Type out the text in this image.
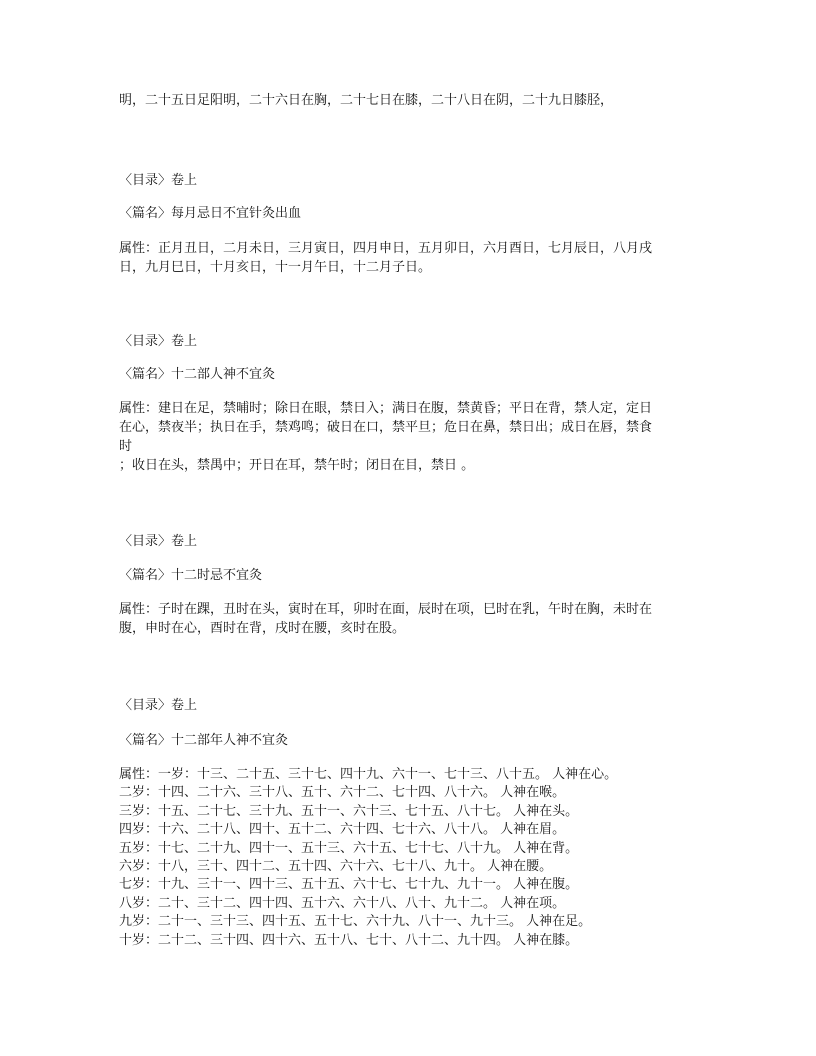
明，二十五日足阳明，二十六日在胸，二十七日在膝，二十八日在阴，二十九日膝胫，
〈目录〉卷上
〈篇名〉每月忌日不宜针灸出血
属性：正月丑日，二月未日，三月寅日，四月申日，五月卯日，六月酉日，七月辰日，八月戌
日，九月巳日，十月亥日，十一月午日，十二月子日。
〈目录〉卷上
〈篇名〉十二部人神不宜灸
属性：建日在足，禁晡时；除日在眼，禁日入；满日在腹，禁黄昏；平日在背，禁人定，定日
在心，禁夜半；执日在手，禁鸡鸣；破日在口，禁平旦；危日在鼻，禁日出；成日在唇，禁食
时
；收日在头，禁禺中；开日在耳，禁午时；闭日在目，禁日 。
〈目录〉卷上
〈篇名〉十二时忌不宜灸
属性：子时在踝，丑时在头，寅时在耳，卯时在面，辰时在项，巳时在乳，午时在胸，未时在
腹，申时在心，酉时在背，戌时在腰，亥时在股。
〈目录〉卷上
〈篇名〉十二部年人神不宜灸
属性：一岁：十三、二十五、三十七、四十九、六十一、七十三、八十五。 人神在心。
二岁：十四、二十六、三十八、五十、六十二、七十四、八十六。 人神在喉。
三岁：十五、二十七、三十九、五十一、六十三、七十五、八十七。 人神在头。
四岁：十六、二十八、四十、五十二、六十四、七十六、八十八。 人神在眉。
五岁：十七、二十九、四十一、五十三、六十五、七十七、八十九。 人神在背。
六岁：十八，三十、四十二、五十四、六十六、七十八、九十。 人神在腰。
七岁：十九、三十一、四十三、五十五、六十七、七十九、九十一。 人神在腹。
八岁：二十、三十二、四十四、五十六、六十八、八十、九十二。 人神在项。
九岁：二十一、三十三、四十五、五十七、六十九、八十一、九十三。 人神在足。
十岁：二十二、三十四、四十六、五十八、七十、八十二、九十四。 人神在膝。
